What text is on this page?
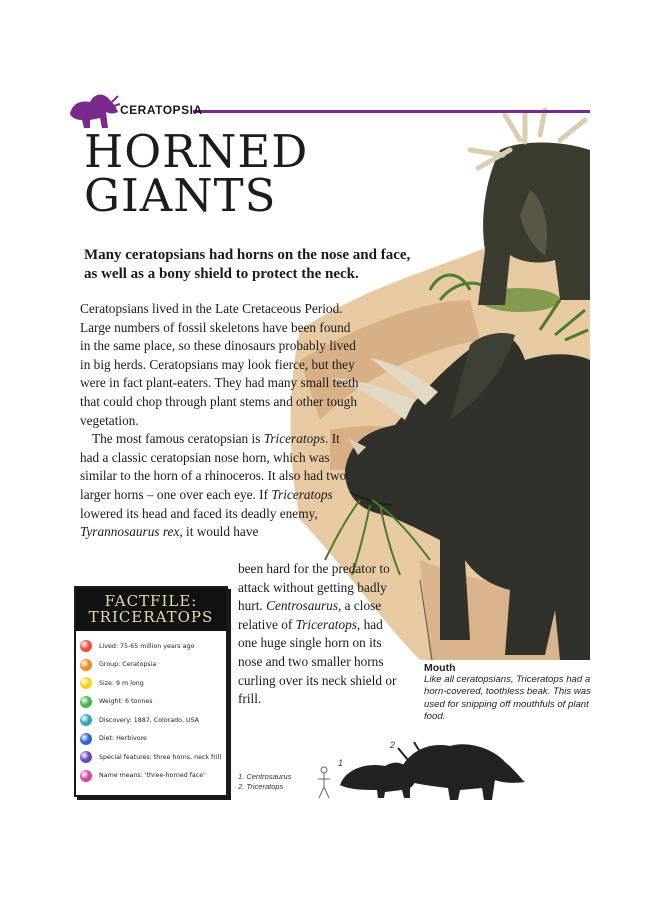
CERATOPSIA
HORNED
GIANTS
Many ceratopsians had horns on the nose and face, as well as a bony shield to protect the neck.

Ceratopsians lived in the Late Cretaceous Period. Large numbers of fossil skeletons have been found in the same place, so these dinosaurs probably lived in big herds. Ceratopsians may look fierce, but they were in fact plant-eaters. They had many small teeth that could chop through plant stems and other tough vegetation.

The most famous ceratopsian is Triceratops. It had a classic ceratopsian nose horn, which was similar to the horn of a rhinoceros. It also had two larger horns – one over each eye. If Triceratops lowered its head and faced its deadly enemy, Tyrannosaurus rex, it would have

been hard for the predator to attack without getting badly hurt. Centrosaurus, a close relative of Triceratops, had one huge single horn on its nose and two smaller horns curling over its neck shield or frill.
FACTFILE:
TRICERATOPS
Lived: 75-65 million years ago
Group: Ceratopsia
Size: 9 m long
Weight: 6 tonnes
Discovery: 1887, Colorado, USA
Diet: Herbivore
Special features: three horns, neck frill
Name means: 'three-horned face'
Mouth
Like all ceratopsians, Triceratops had a horn-covered, toothless beak. This was used for snipping off mouthfuls of plant food.
1
2
1. Centrosaurus
2. Triceratops
